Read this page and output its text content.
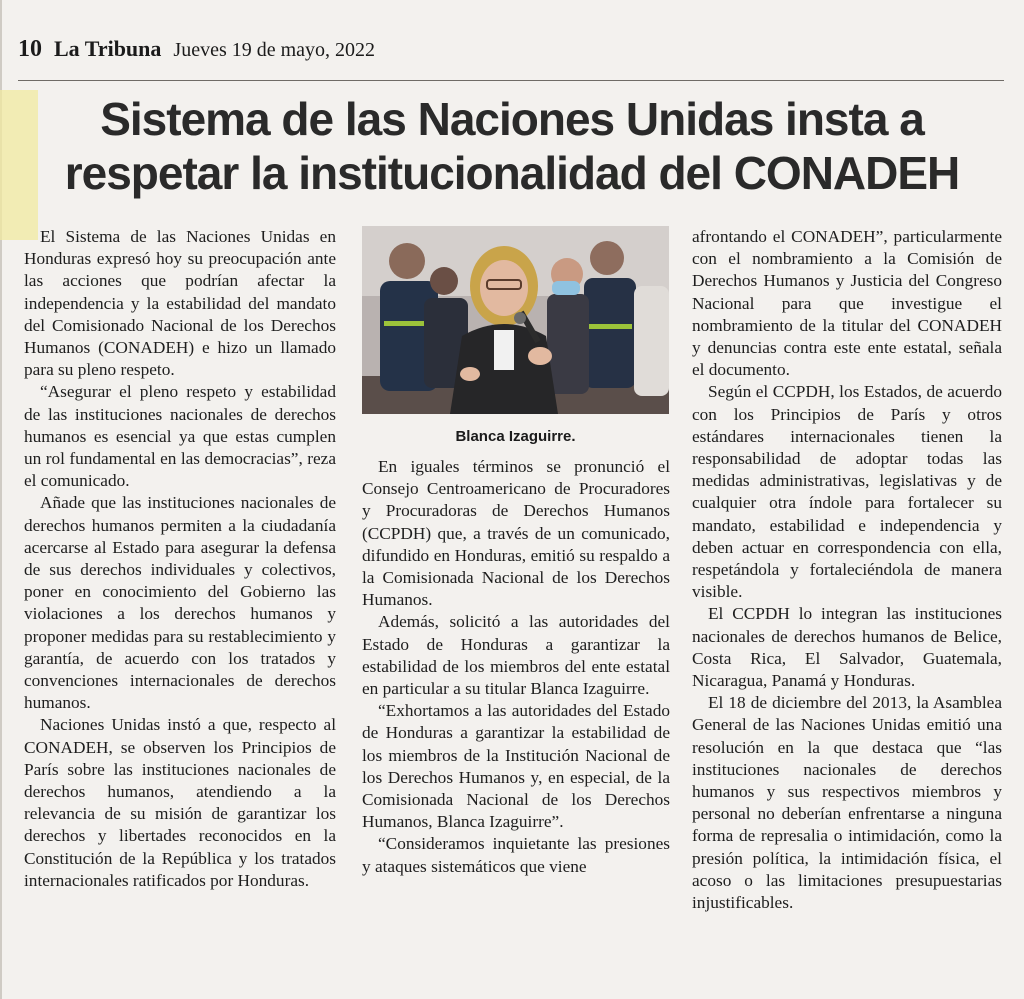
10 La Tribuna Jueves 19 de mayo, 2022
Sistema de las Naciones Unidas insta a
respetar la institucionalidad del CONADEH

El Sistema de las Naciones Unidas en Honduras expresó hoy su preocupación ante las acciones que podrían afectar la independencia y la estabilidad del mandato del Comisionado Nacional de los Derechos Humanos (CONADEH) e hizo un llamado para su pleno respeto.

“Asegurar el pleno respeto y estabilidad de las instituciones nacionales de derechos humanos es esencial ya que estas cumplen un rol fundamental en las democracias”, reza el comunicado.

Añade que las instituciones nacionales de derechos humanos permiten a la ciudadanía acercarse al Estado para asegurar la defensa de sus derechos individuales y colectivos, poner en conocimiento del Gobierno las violaciones a los derechos humanos y proponer medidas para su restablecimiento y garantía, de acuerdo con los tratados y convenciones internacionales de derechos humanos.

Naciones Unidas instó a que, respecto al CONADEH, se observen los Principios de París sobre las instituciones nacionales de derechos humanos, atendiendo a la relevancia de su misión de garantizar los derechos y libertades reconocidos en la Constitución de la República y los tratados internacionales ratificados por Honduras.

Blanca Izaguirre.

En iguales términos se pronunció el Consejo Centroamericano de Procuradores y Procuradoras de Derechos Humanos (CCPDH) que, a través de un comunicado, difundido en Honduras, emitió su respaldo a la Comisionada Nacional de los Derechos Humanos.

Además, solicitó a las autoridades del Estado de Honduras a garantizar la estabilidad de los miembros del ente estatal en particular a su titular Blanca Izaguirre.

“Exhortamos a las autoridades del Estado de Honduras a garantizar la estabilidad de los miembros de la Institución Nacional de los Derechos Humanos y, en especial, de la Comisionada Nacional de los Derechos Humanos, Blanca Izaguirre”.

“Consideramos inquietante las presiones y ataques sistemáticos que viene

afrontando el CONADEH”, particularmente con el nombramiento a la Comisión de Derechos Humanos y Justicia del Congreso Nacional para que investigue el nombramiento de la titular del CONADEH y denuncias contra este ente estatal, señala el documento.

Según el CCPDH, los Estados, de acuerdo con los Principios de París y otros estándares internacionales tienen la responsabilidad de adoptar todas las medidas administrativas, legislativas y de cualquier otra índole para fortalecer su mandato, estabilidad e independencia y deben actuar en correspondencia con ella, respetándola y fortaleciéndola de manera visible.

El CCPDH lo integran las instituciones nacionales de derechos humanos de Belice, Costa Rica, El Salvador, Guatemala, Nicaragua, Panamá y Honduras.

El 18 de diciembre del 2013, la Asamblea General de las Naciones Unidas emitió una resolución en la que destaca que “las instituciones nacionales de derechos humanos y sus respectivos miembros y personal no deberían enfrentarse a ninguna forma de represalia o intimidación, como la presión política, la intimidación física, el acoso o las limitaciones presupuestarias injustificables.
